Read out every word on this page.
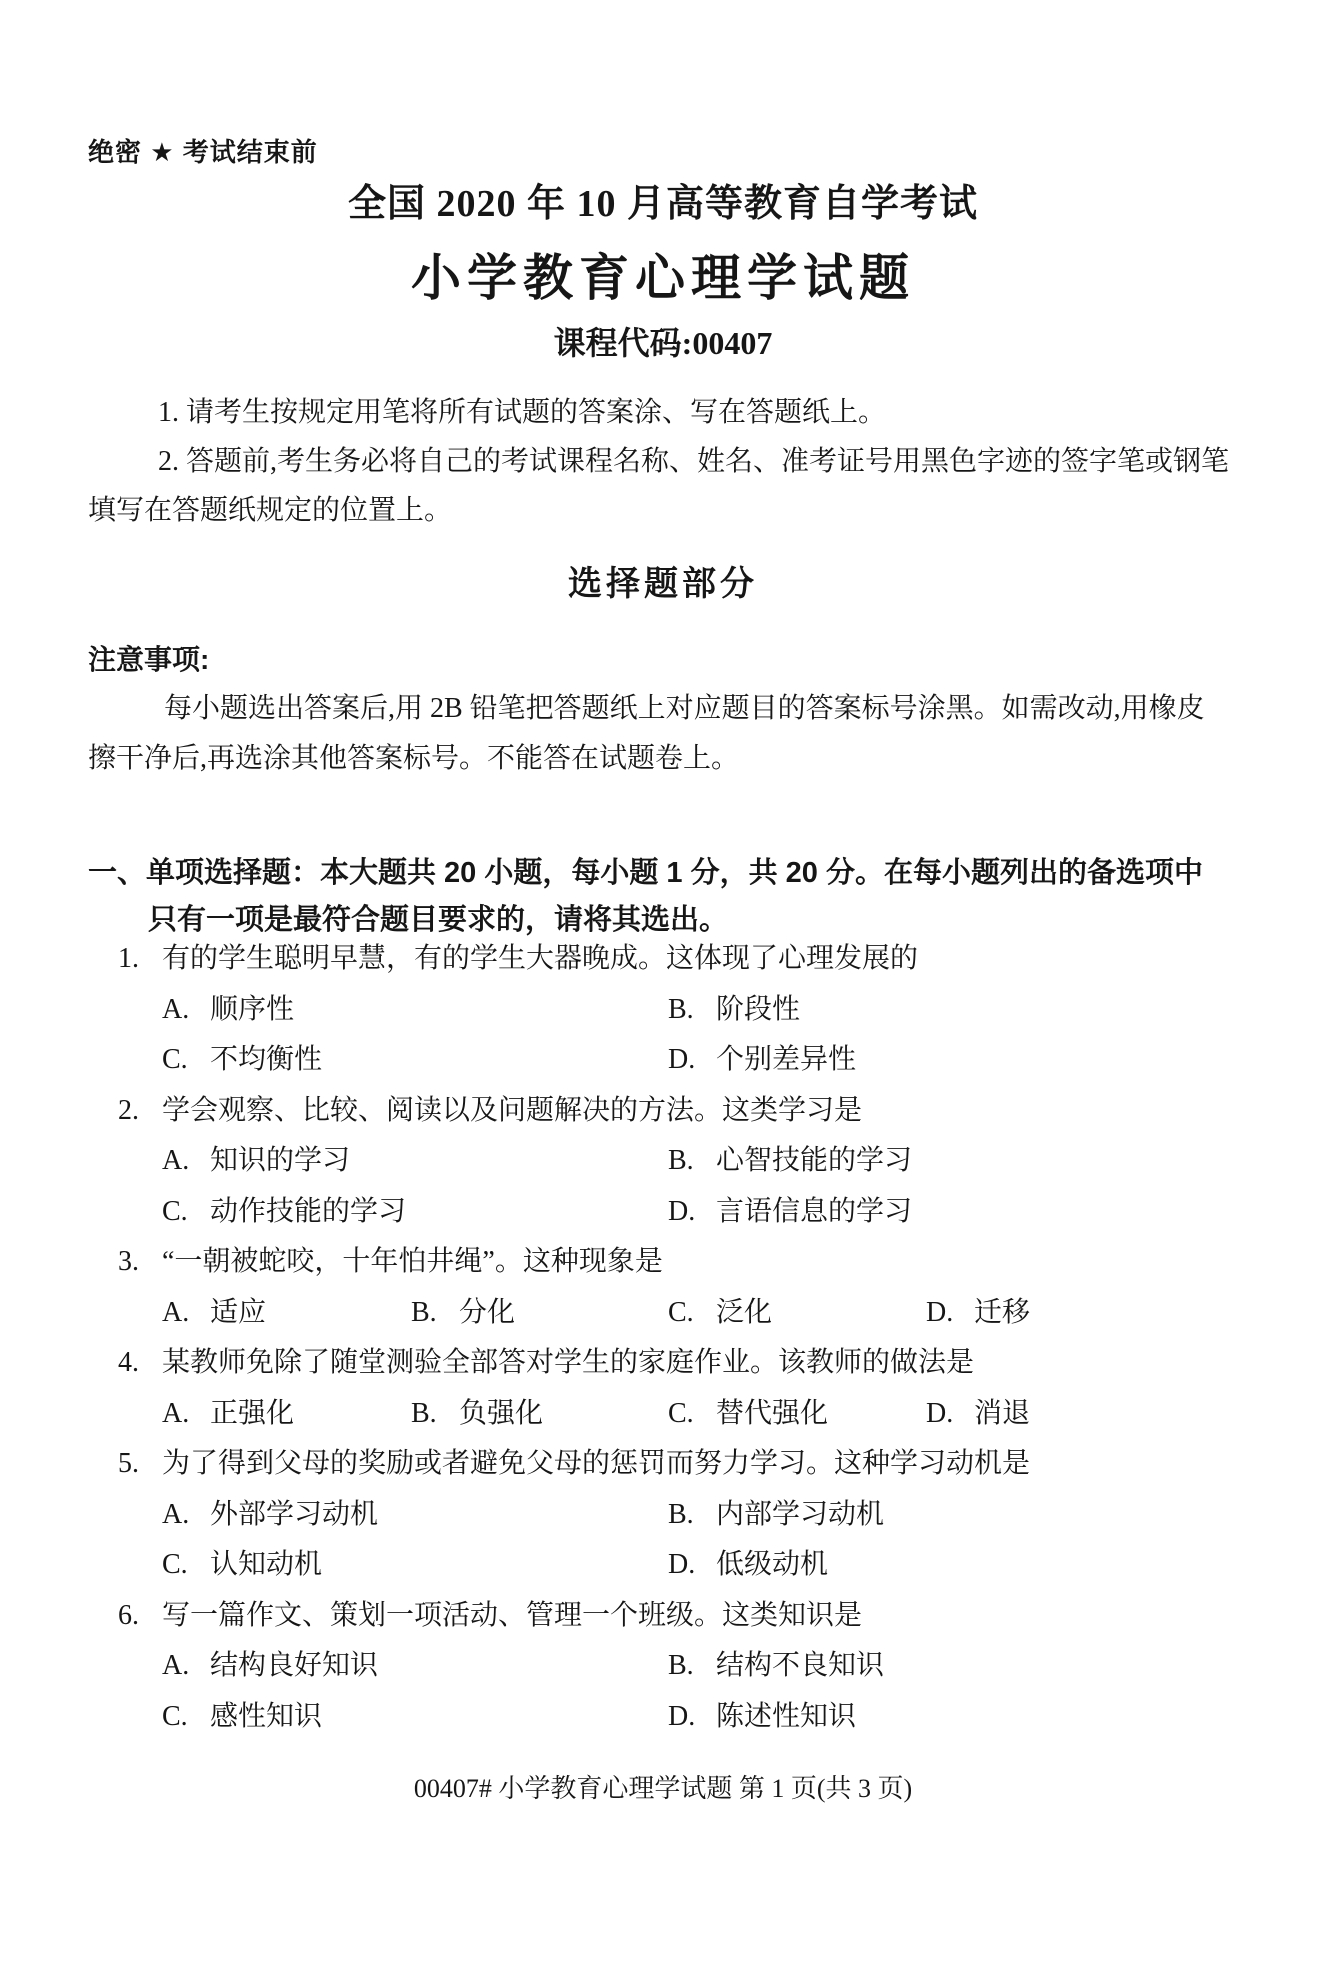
绝密 ★ 考试结束前
全国 2020 年 10 月高等教育自学考试
小学教育心理学试题
课程代码:00407
1. 请考生按规定用笔将所有试题的答案涂、写在答题纸上。
2. 答题前,考生务必将自己的考试课程名称、姓名、准考证号用黑色字迹的签字笔或钢笔
填写在答题纸规定的位置上。
选择题部分
注意事项:
每小题选出答案后,用 2B 铅笔把答题纸上对应题目的答案标号涂黑。如需改动,用橡皮
擦干净后,再选涂其他答案标号。不能答在试题卷上。
一、单项选择题：本大题共 20 小题，每小题 1 分，共 20 分。在每小题列出的备选项中
只有一项是最符合题目要求的，请将其选出。
1. 有的学生聪明早慧，有的学生大器晚成。这体现了心理发展的
A. 顺序性	B. 阶段性
C. 不均衡性	D. 个别差异性
2. 学会观察、比较、阅读以及问题解决的方法。这类学习是
A. 知识的学习	B. 心智技能的学习
C. 动作技能的学习	D. 言语信息的学习
3. “一朝被蛇咬，十年怕井绳”。这种现象是
A. 适应	B. 分化	C. 泛化	D. 迁移
4. 某教师免除了随堂测验全部答对学生的家庭作业。该教师的做法是
A. 正强化	B. 负强化	C. 替代强化	D. 消退
5. 为了得到父母的奖励或者避免父母的惩罚而努力学习。这种学习动机是
A. 外部学习动机	B. 内部学习动机
C. 认知动机	D. 低级动机
6. 写一篇作文、策划一项活动、管理一个班级。这类知识是
A. 结构良好知识	B. 结构不良知识
C. 感性知识	D. 陈述性知识
00407# 小学教育心理学试题 第 1 页(共 3 页)
